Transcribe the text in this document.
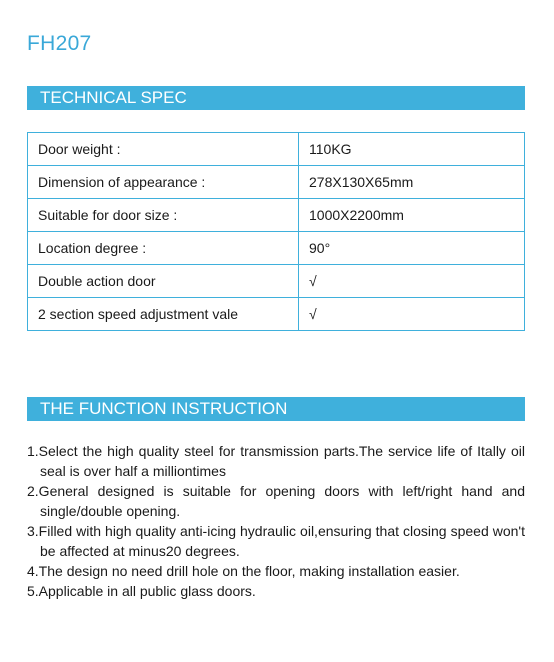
FH207
TECHNICAL SPEC
Door weight :	110KG
Dimension of appearance :	278X130X65mm
Suitable for door size :	1000X2200mm
Location degree :	90°
Double action door	√
2 section speed adjustment vale	√
THE FUNCTION INSTRUCTION
1.Select the high quality steel for transmission parts.The service life of Itally oil seal is over half a milliontimes
2.General designed is suitable for opening doors with left/right hand and single/double opening.
3.Filled with high quality anti-icing hydraulic oil,ensuring that closing speed won't be affected at minus20 degrees.
4.The design no need drill hole on the floor, making installation easier.
5.Applicable in all public glass doors.
